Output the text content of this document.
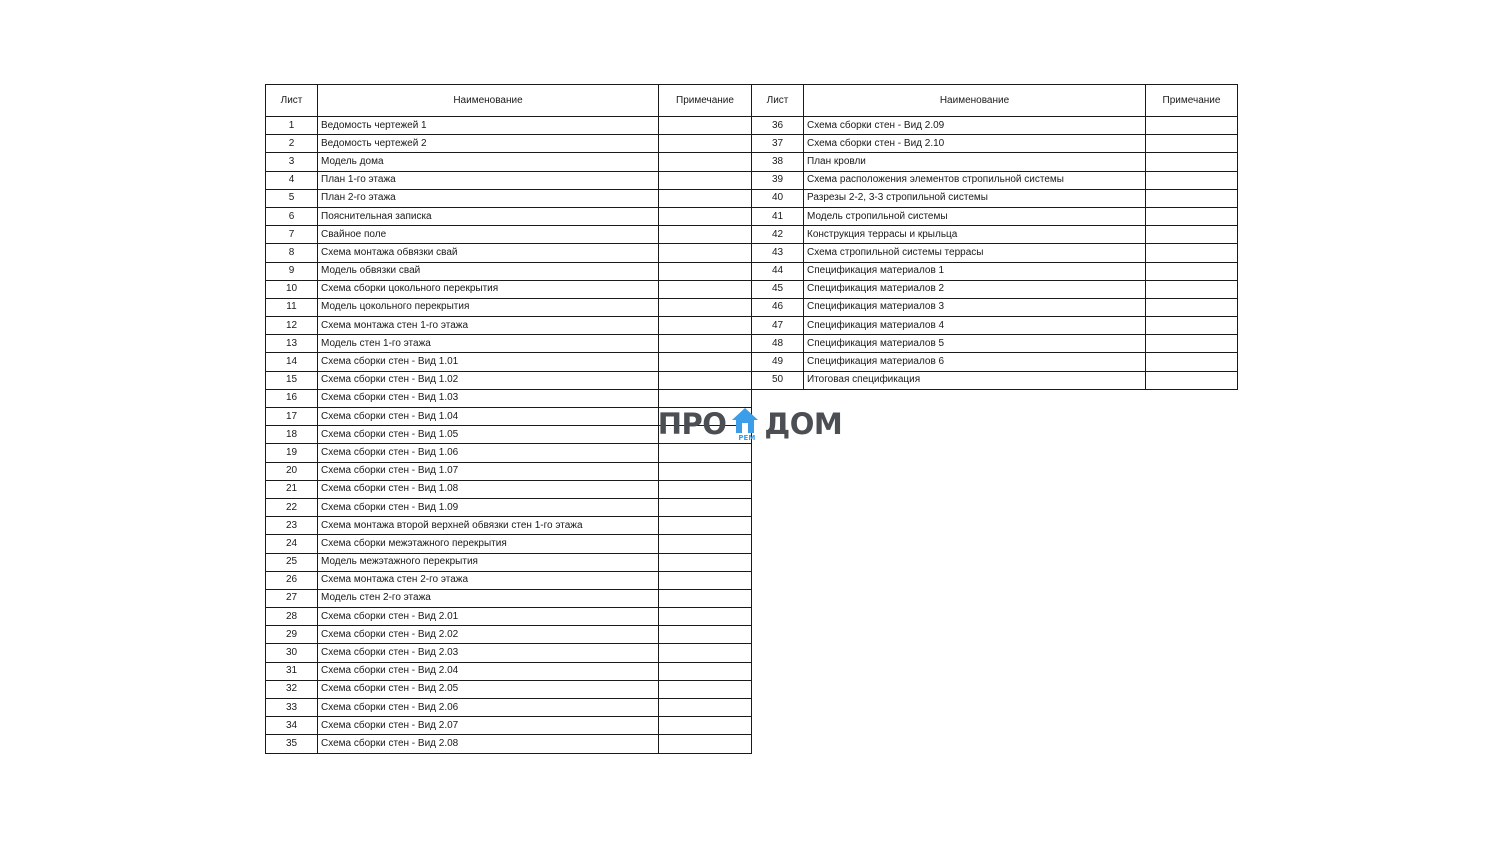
Лист	Наименование	Примечание
1	Ведомость чертежей 1	
2	Ведомость чертежей 2	
3	Модель дома	
4	План 1-го этажа	
5	План 2-го этажа	
6	Пояснительная записка	
7	Свайное поле	
8	Схема монтажа обвязки свай	
9	Модель обвязки свай	
10	Схема сборки цокольного перекрытия	
11	Модель цокольного перекрытия	
12	Схема монтажа стен 1-го этажа	
13	Модель стен 1-го этажа	
14	Схема сборки стен - Вид 1.01	
15	Схема сборки стен - Вид 1.02	
16	Схема сборки стен - Вид 1.03	
17	Схема сборки стен - Вид 1.04	
18	Схема сборки стен - Вид 1.05	
19	Схема сборки стен - Вид 1.06	
20	Схема сборки стен - Вид 1.07	
21	Схема сборки стен - Вид 1.08	
22	Схема сборки стен - Вид 1.09	
23	Схема монтажа второй верхней обвязки стен 1-го этажа	
24	Схема сборки межэтажного перекрытия	
25	Модель межэтажного перекрытия	
26	Схема монтажа стен 2-го этажа	
27	Модель стен 2-го этажа	
28	Схема сборки стен - Вид 2.01	
29	Схема сборки стен - Вид 2.02	
30	Схема сборки стен - Вид 2.03	
31	Схема сборки стен - Вид 2.04	
32	Схема сборки стен - Вид 2.05	
33	Схема сборки стен - Вид 2.06	
34	Схема сборки стен - Вид 2.07	
35	Схема сборки стен - Вид 2.08	
Лист	Наименование	Примечание
36	Схема сборки стен - Вид 2.09	
37	Схема сборки стен - Вид 2.10	
38	План кровли	
39	Схема расположения элементов стропильной системы	
40	Разрезы 2-2, 3-3 стропильной системы	
41	Модель стропильной системы	
42	Конструкция террасы и крыльца	
43	Схема стропильной системы террасы	
44	Спецификация материалов 1	
45	Спецификация материалов 2	
46	Спецификация материалов 3	
47	Спецификация материалов 4	
48	Спецификация материалов 5	
49	Спецификация материалов 6	
50	Итоговая спецификация	
ПРО РЕМ ДОМ
